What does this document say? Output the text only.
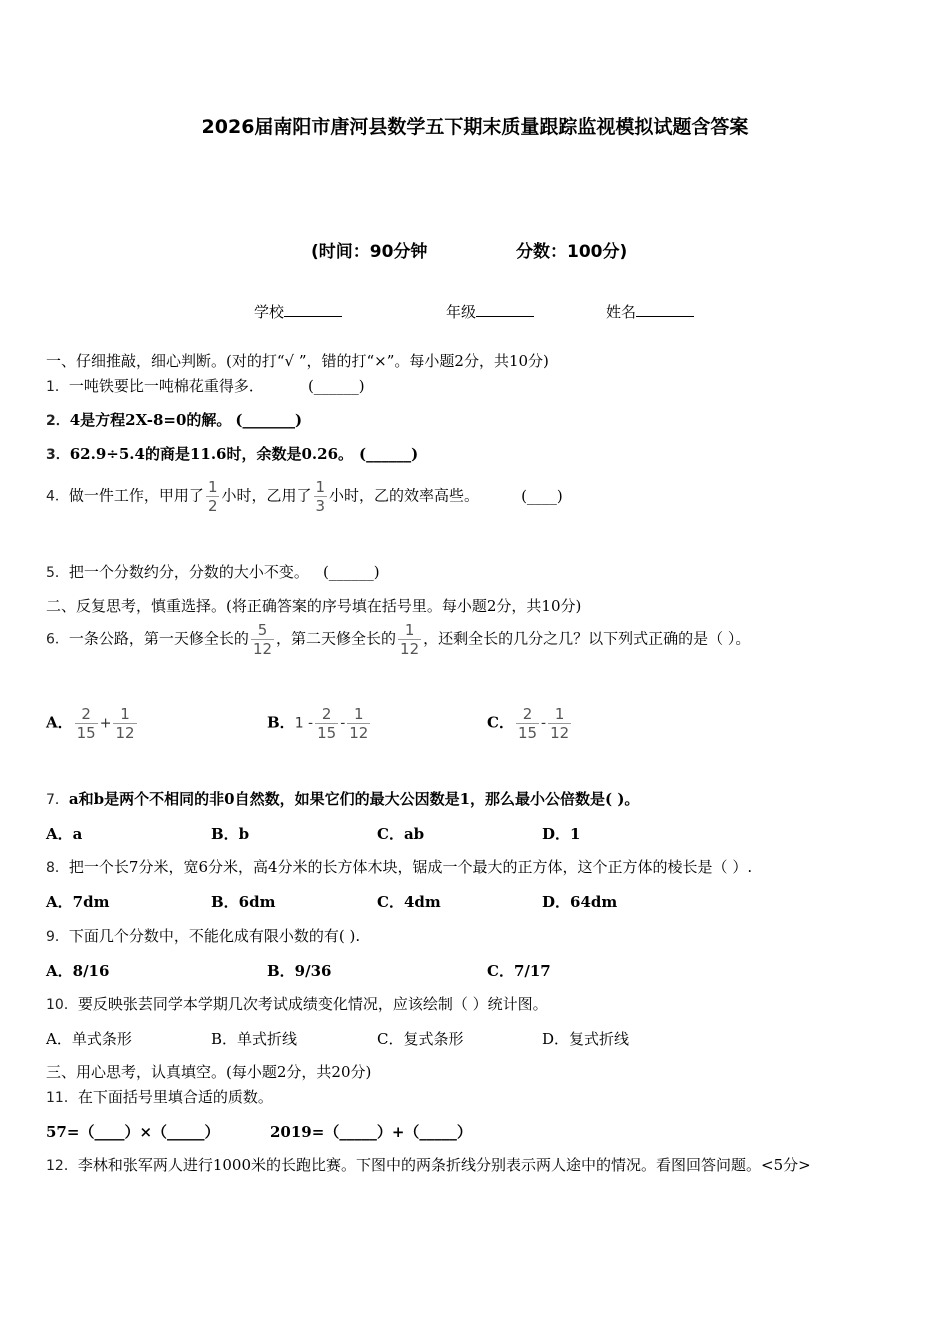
2026届南阳市唐河县数学五下期末质量跟踪监视模拟试题含答案
(时间：90分钟	分数：100分)
学校	年级	姓名
一、仔细推敲，细心判断。(对的打“√ ”，错的打“×”。每小题2分，共10分)
1．一吨铁要比一吨棉花重得多．	(______)
2．4是方程2X-8=0的解。 (_______)
3．62.9÷5.4的商是11.6时，余数是0.26。 (______)
4．做一件工作，甲用了 $\frac{1}{2}$ 小时，乙用了 $\frac{1}{3}$ 小时，乙的效率高些。	(____)
5．把一个分数约分，分数的大小不变。 (______)
二、反复思考，慎重选择。(将正确答案的序号填在括号里。每小题2分，共10分)
6．一条公路，第一天修全长的 $\frac{5}{12}$ ，第二天修全长的 $\frac{1}{12}$ ，还剩全长的几分之几？以下列式正确的是（ ）。
A． $\frac{2}{15} + \frac{1}{12}$	B．$1 - \frac{2}{15} - \frac{1}{12}$	C． $\frac{2}{15} - \frac{1}{12}$
7．a和b是两个不相同的非0自然数，如果它们的最大公因数是1，那么最小公倍数是( )。
A．a	B．b	C．ab	D．1
8．把一个长7分米，宽6分米，高4分米的长方体木块，锯成一个最大的正方体，这个正方体的棱长是（ ）.
A．7dm	B．6dm	C．4dm	D．64dm
9．下面几个分数中，不能化成有限小数的有( ).
A．8/16	B．9/36	C．7/17
10．要反映张芸同学本学期几次考试成绩变化情况，应该绘制（ ）统计图。
A．单式条形	B．单式折线	C．复式条形	D．复式折线
三、用心思考，认真填空。(每小题2分，共20分)
11．在下面括号里填合适的质数。
57=（____）×（_____）	2019=（_____）+（_____）
12．李林和张军两人进行1000米的长跑比赛。下图中的两条折线分别表示两人途中的情况。看图回答问题。<5分>
